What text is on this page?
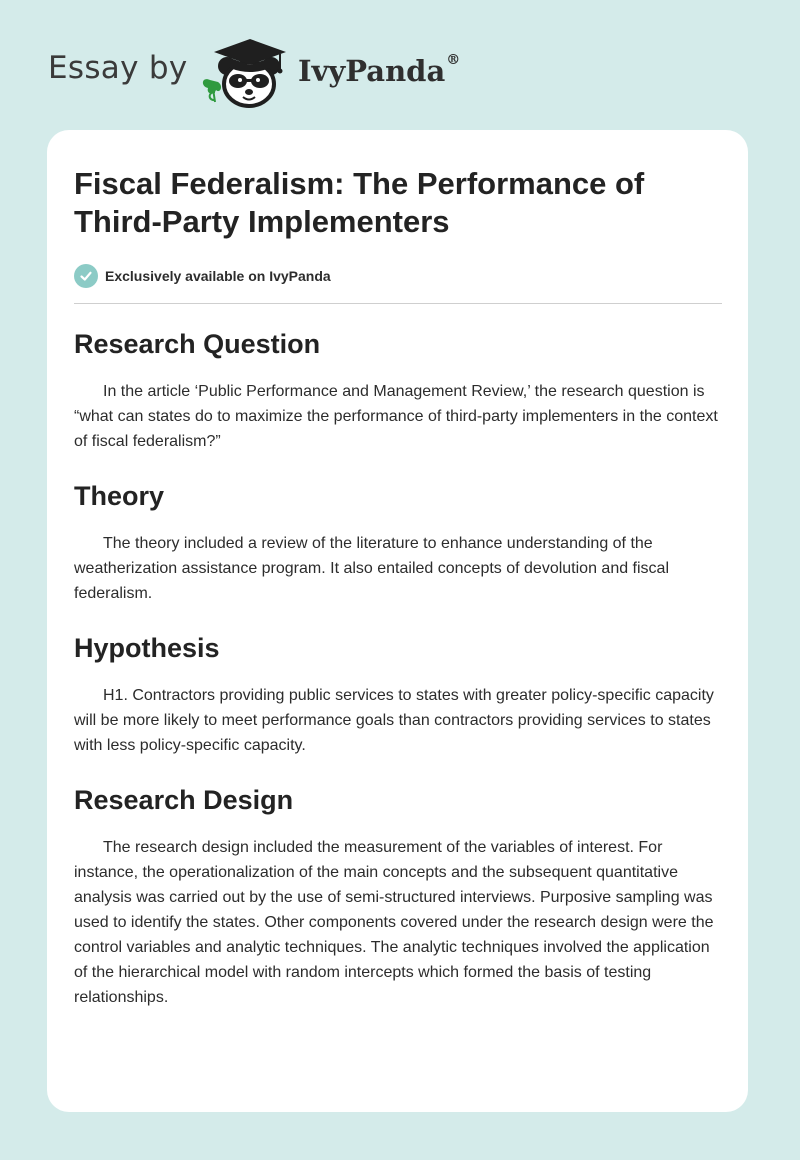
Essay by	IvyPanda®
Fiscal Federalism: The Performance of Third-Party Implementers
Exclusively available on IvyPanda
Research Question

In the article ‘Public Performance and Management Review,’ the research question is “what can states do to maximize the performance of third-party implementers in the context of fiscal federalism?”

Theory

The theory included a review of the literature to enhance understanding of the weatherization assistance program. It also entailed concepts of devolution and fiscal federalism.

Hypothesis

H1. Contractors providing public services to states with greater policy-specific capacity will be more likely to meet performance goals than contractors providing services to states with less policy-specific capacity.

Research Design

The research design included the measurement of the variables of interest. For instance, the operationalization of the main concepts and the subsequent quantitative analysis was carried out by the use of semi-structured interviews. Purposive sampling was used to identify the states. Other components covered under the research design were the control variables and analytic techniques. The analytic techniques involved the application of the hierarchical model with random intercepts which formed the basis of testing relationships.
